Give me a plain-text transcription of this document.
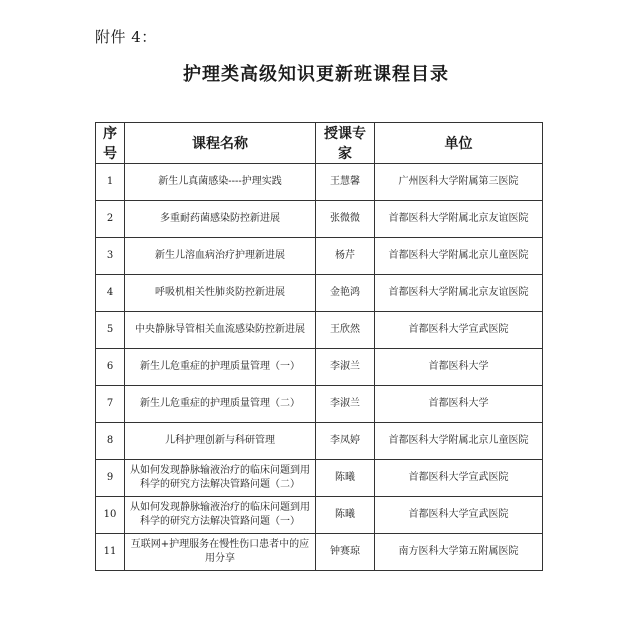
附件 4：
护理类高级知识更新班课程目录
序号	课程名称	授课专家	单位
1	新生儿真菌感染----护理实践	王慧馨	广州医科大学附属第三医院
2	多重耐药菌感染防控新进展	张微微	首都医科大学附属北京友谊医院
3	新生儿溶血病治疗护理新进展	杨芹	首都医科大学附属北京儿童医院
4	呼吸机相关性肺炎防控新进展	金艳鸿	首都医科大学附属北京友谊医院
5	中央静脉导管相关血流感染防控新进展	王欣然	首都医科大学宣武医院
6	新生儿危重症的护理质量管理（一）	李淑兰	首都医科大学
7	新生儿危重症的护理质量管理（二）	李淑兰	首都医科大学
8	儿科护理创新与科研管理	李凤婷	首都医科大学附属北京儿童医院
9	从如何发现静脉输液治疗的临床问题到用科学的研究方法解决管路问题（二）	陈曦	首都医科大学宣武医院
10	从如何发现静脉输液治疗的临床问题到用科学的研究方法解决管路问题（一）	陈曦	首都医科大学宣武医院
11	互联网+护理服务在慢性伤口患者中的应用分享	钟赛琼	南方医科大学第五附属医院
